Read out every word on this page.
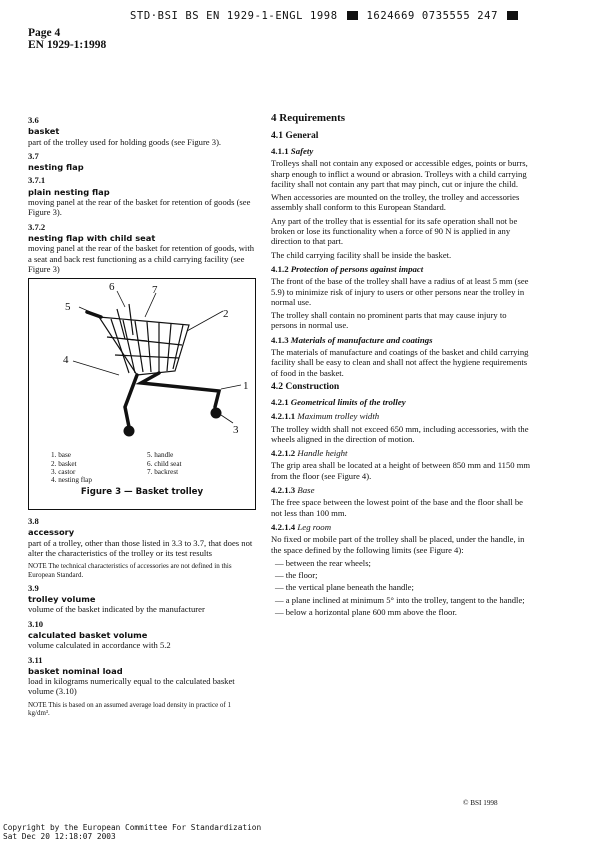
STD·BSI BS EN 1929-1-ENGL 1998	1624669 0735555 247
Page 4
EN 1929-1:1998
3.6
basket
part of the trolley used for holding goods (see Figure 3).
3.7
nesting flap
3.7.1
plain nesting flap
moving panel at the rear of the basket for retention of goods (see Figure 3).
3.7.2
nesting flap with child seat
moving panel at the rear of the basket for retention of goods, with a seat and back rest functioning as a child carrying facility (see Figure 3)
5
6	7
2
4
1
3
1. base	5. handle
2. basket	6. child seat
3. castor	7. backrest
4. nesting flap
Figure 3 — Basket trolley
3.8
accessory
part of a trolley, other than those listed in 3.3 to 3.7, that does not alter the characteristics of the trolley or its test results
NOTE The technical characteristics of accessories are not defined in this European Standard.
3.9
trolley volume
volume of the basket indicated by the manufacturer
3.10
calculated basket volume
volume calculated in accordance with 5.2
3.11
basket nominal load
load in kilograms numerically equal to the calculated basket volume (3.10)
NOTE This is based on an assumed average load density in practice of 1 kg/dm³.
4 Requirements
4.1 General
4.1.1 Safety
Trolleys shall not contain any exposed or accessible edges, points or burrs, sharp enough to inflict a wound or abrasion. Trolleys with a child carrying facility shall not contain any part that may pinch, cut or injure the child.
When accessories are mounted on the trolley, the trolley and accessories assembly shall conform to this European Standard.
Any part of the trolley that is essential for its safe operation shall not be broken or lose its functionality when a force of 90 N is applied in any direction to that part.
The child carrying facility shall be inside the basket.
4.1.2 Protection of persons against impact
The front of the base of the trolley shall have a radius of at least 5 mm (see 5.9) to minimize risk of injury to users or other persons near the trolley in normal use.
The trolley shall contain no prominent parts that may cause injury to persons in normal use.
4.1.3 Materials of manufacture and coatings
The materials of manufacture and coatings of the basket and child carrying facility shall be easy to clean and shall not affect the hygiene requirements of food in the basket.
4.2 Construction
4.2.1 Geometrical limits of the trolley
4.2.1.1 Maximum trolley width
The trolley width shall not exceed 650 mm, including accessories, with the wheels aligned in the direction of motion.
4.2.1.2 Handle height
The grip area shall be located at a height of between 850 mm and 1150 mm from the floor (see Figure 4).
4.2.1.3 Base
The free space between the lowest point of the base and the floor shall be not less than 100 mm.
4.2.1.4 Leg room
No fixed or mobile part of the trolley shall be placed, under the handle, in the space defined by the following limits (see Figure 4):
— between the rear wheels;
— the floor;
— the vertical plane beneath the handle;
— a plane inclined at minimum 5° into the trolley, tangent to the handle;
— below a horizontal plane 600 mm above the floor.
© BSI 1998
Copyright by the European Committee For Standardization
Sat Dec 20 12:18:07 2003
